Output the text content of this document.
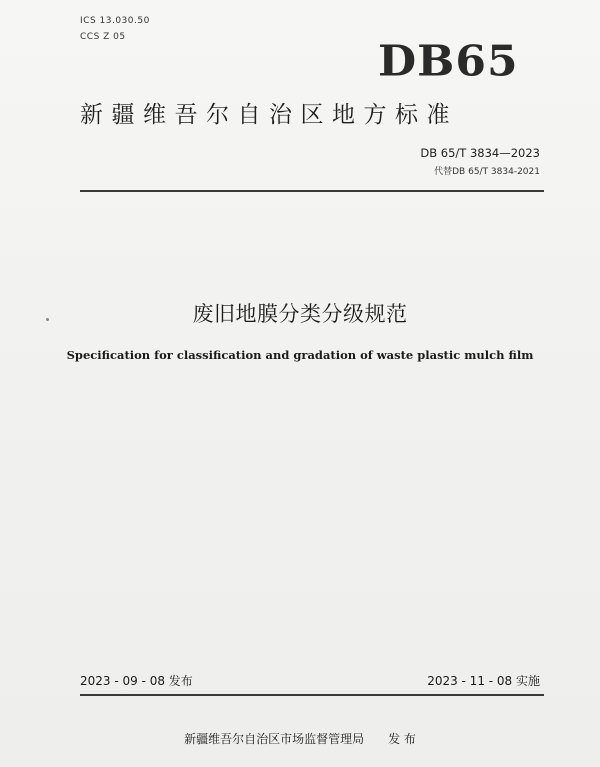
ICS 13.030.50
CCS Z 05
DB65
新疆维吾尔自治区地方标准
DB 65/T 3834—2023
代替DB 65/T 3834-2021
废旧地膜分类分级规范
Specification for classification and gradation of waste plastic mulch film
2023 - 09 - 08 发布	2023 - 11 - 08 实施
新疆维吾尔自治区市场监督管理局 发 布
